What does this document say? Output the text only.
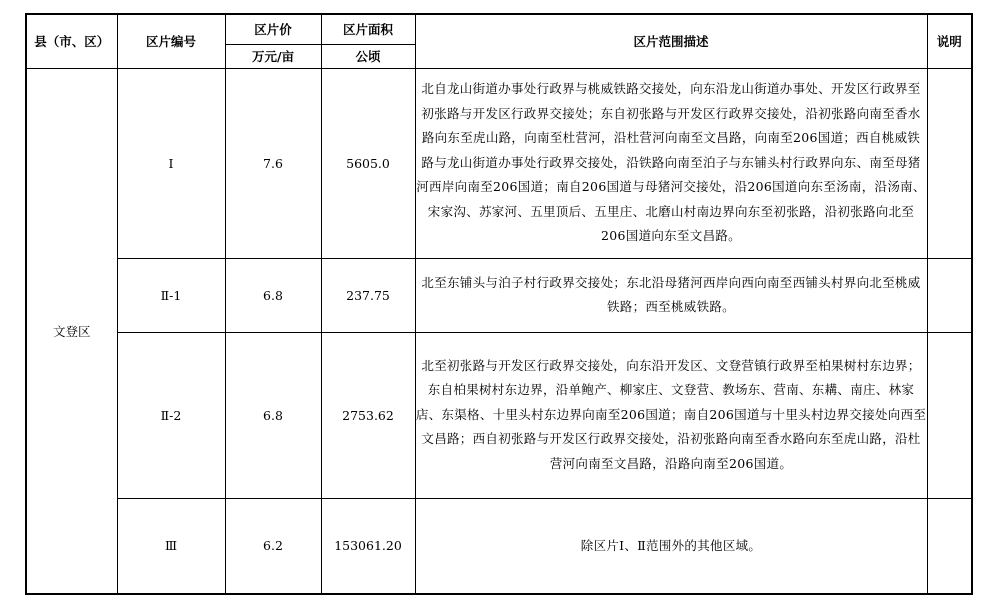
县（市、区）	区片编号	区片价	区片面积	区片范围描述	说明
		万元/亩	公顷		
文登区	Ⅰ	7.6	5605.0	北自龙山街道办事处行政界与桃威铁路交接处，向东沿龙山街道办事处、开发区行政界至初张路与开发区行政界交接处；东自初张路与开发区行政界交接处，沿初张路向南至香水路向东至虎山路，向南至杜营河，沿杜营河向南至文昌路，向南至206国道；西自桃威铁路与龙山街道办事处行政界交接处，沿铁路向南至泊子与东铺头村行政界向东、南至母猪河西岸向南至206国道；南自206国道与母猪河交接处，沿206国道向东至汤南，沿汤南、宋家沟、苏家河、五里顶后、五里庄、北磨山村南边界向东至初张路，沿初张路向北至206国道向东至文昌路。	
	Ⅱ-1	6.8	237.75	北至东铺头与泊子村行政界交接处；东北沿母猪河西岸向西向南至西铺头村界向北至桃威铁路；西至桃威铁路。	
	Ⅱ-2	6.8	2753.62	北至初张路与开发区行政界交接处，向东沿开发区、文登营镇行政界至柏果树村东边界；东自柏果树村东边界，沿单鲍产、柳家庄、文登营、教场东、营南、东耩、南庄、林家店、东渠格、十里头村东边界向南至206国道；南自206国道与十里头村边界交接处向西至文昌路；西自初张路与开发区行政界交接处，沿初张路向南至香水路向东至虎山路，沿杜营河向南至文昌路，沿路向南至206国道。	
	Ⅲ	6.2	153061.20	除区片Ⅰ、Ⅱ范围外的其他区域。	
